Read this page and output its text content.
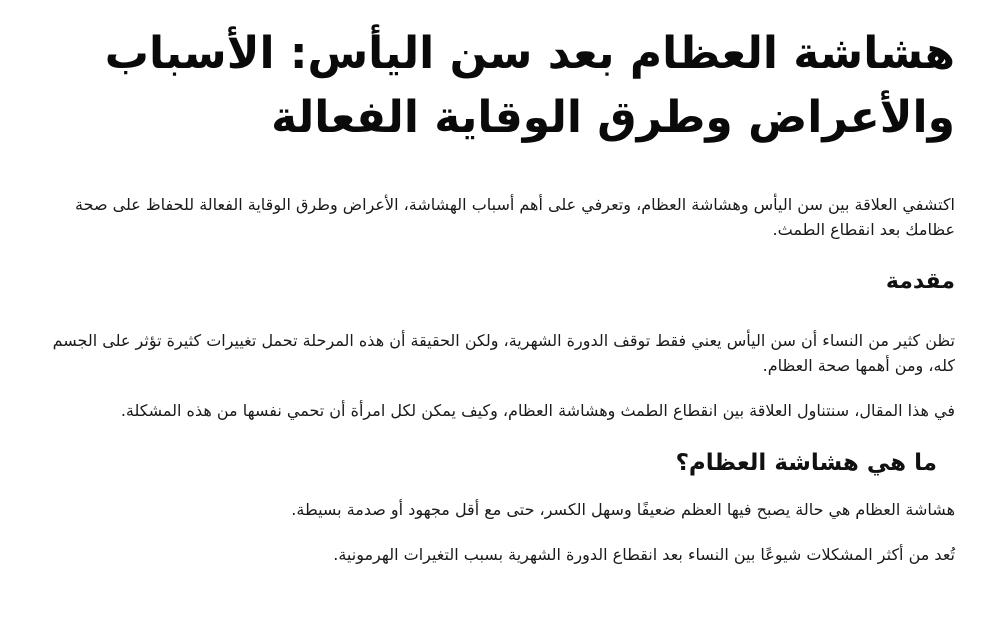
هشاشة العظام بعد سن اليأس: الأسباب والأعراض وطرق الوقاية الفعالة

اكتشفي العلاقة بين سن اليأس وهشاشة العظام، وتعرفي على أهم أسباب الهشاشة، الأعراض وطرق الوقاية الفعالة للحفاظ على صحة عظامك بعد انقطاع الطمث.

مقدمة

تظن كثير من النساء أن سن اليأس يعني فقط توقف الدورة الشهرية، ولكن الحقيقة أن هذه المرحلة تحمل تغييرات كثيرة تؤثر على الجسم كله، ومن أهمها صحة العظام.

في هذا المقال، سنتناول العلاقة بين انقطاع الطمث وهشاشة العظام، وكيف يمكن لكل امرأة أن تحمي نفسها من هذه المشكلة.

ما هي هشاشة العظام؟

هشاشة العظام هي حالة يصبح فيها العظم ضعيفًا وسهل الكسر، حتى مع أقل مجهود أو صدمة بسيطة.

تُعد من أكثر المشكلات شيوعًا بين النساء بعد انقطاع الدورة الشهرية بسبب التغيرات الهرمونية.
